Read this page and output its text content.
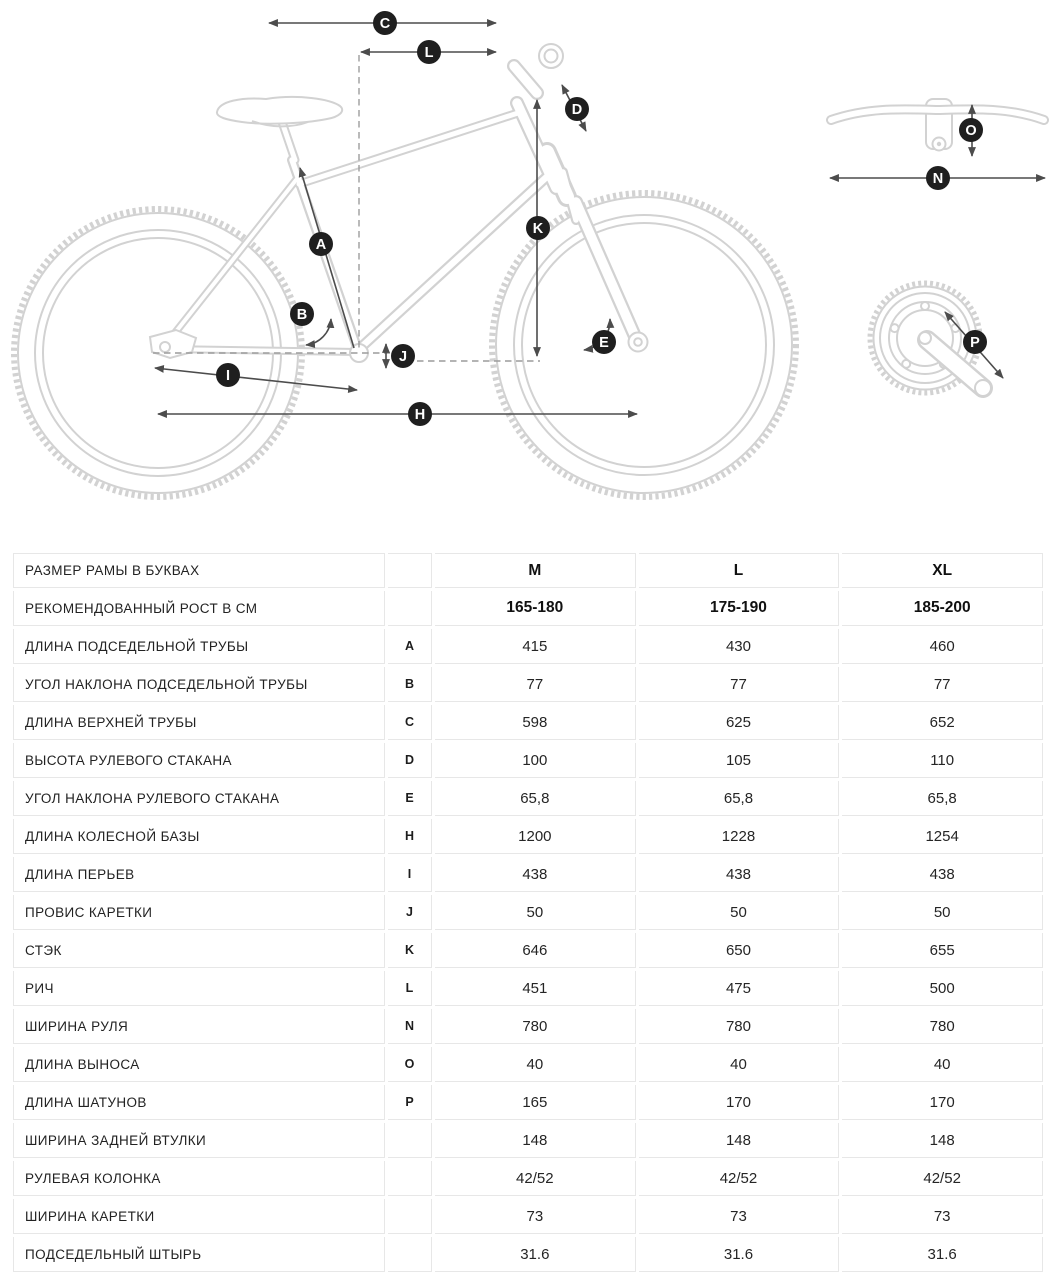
C
L
D
K
A
B
E
J
I
H
O
N
P
РАЗМЕР РАМЫ В БУКВАХ		M	L	XL
РЕКОМЕНДОВАННЫЙ РОСТ В СМ		165-180	175-190	185-200
ДЛИНА ПОДСЕДЕЛЬНОЙ ТРУБЫ	A	415	430	460
УГОЛ НАКЛОНА ПОДСЕДЕЛЬНОЙ ТРУБЫ	B	77	77	77
ДЛИНА ВЕРХНЕЙ ТРУБЫ	C	598	625	652
ВЫСОТА РУЛЕВОГО СТАКАНА	D	100	105	110
УГОЛ НАКЛОНА РУЛЕВОГО СТАКАНА	E	65,8	65,8	65,8
ДЛИНА КОЛЕСНОЙ БАЗЫ	H	1200	1228	1254
ДЛИНА ПЕРЬЕВ	I	438	438	438
ПРОВИС КАРЕТКИ	J	50	50	50
СТЭК	K	646	650	655
РИЧ	L	451	475	500
ШИРИНА РУЛЯ	N	780	780	780
ДЛИНА ВЫНОСА	O	40	40	40
ДЛИНА ШАТУНОВ	P	165	170	170
ШИРИНА ЗАДНЕЙ ВТУЛКИ		148	148	148
РУЛЕВАЯ КОЛОНКА		42/52	42/52	42/52
ШИРИНА КАРЕТКИ		73	73	73
ПОДСЕДЕЛЬНЫЙ ШТЫРЬ		31.6	31.6	31.6
